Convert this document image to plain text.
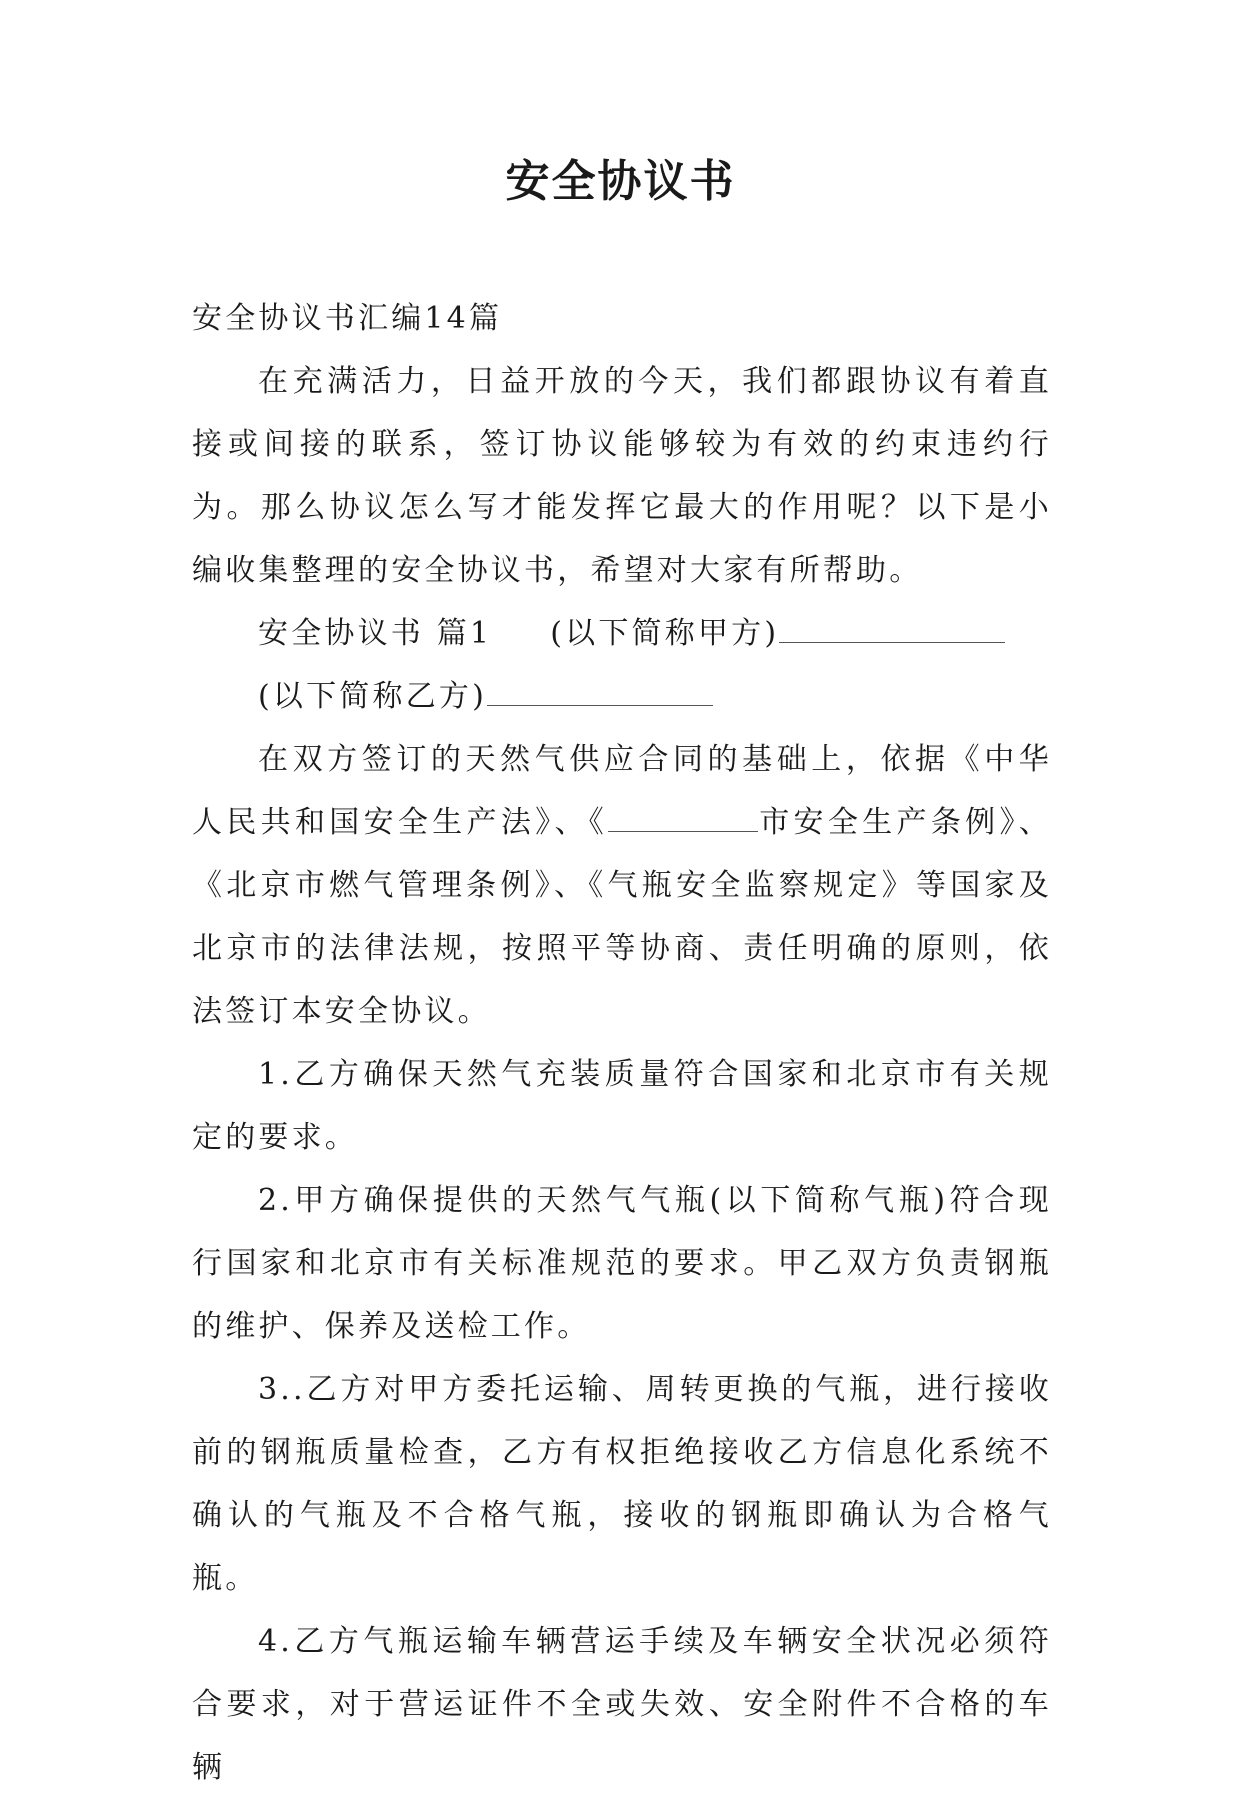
安全协议书

安全协议书汇编14篇

在充满活力，日益开放的今天，我们都跟协议有着直接或间接的联系，签订协议能够较为有效的约束违约行为。那么协议怎么写才能发挥它最大的作用呢？以下是小编收集整理的安全协议书，希望对大家有所帮助。

安全协议书 篇1 (以下简称甲方)

(以下简称乙方)

在双方签订的天然气供应合同的基础上，依据《中华人民共和国安全生产法》、《	市安全生产条例》、《北京市燃气管理条例》、《气瓶安全监察规定》等国家及北京市的法律法规，按照平等协商、责任明确的原则，依法签订本安全协议。

1.乙方确保天然气充装质量符合国家和北京市有关规定的要求。

2.甲方确保提供的天然气气瓶(以下简称气瓶)符合现行国家和北京市有关标准规范的要求。甲乙双方负责钢瓶的维护、保养及送检工作。

3..乙方对甲方委托运输、周转更换的气瓶，进行接收前的钢瓶质量检查，乙方有权拒绝接收乙方信息化系统不确认的气瓶及不合格气瓶，接收的钢瓶即确认为合格气瓶。

4.乙方气瓶运输车辆营运手续及车辆安全状况必须符合要求，对于营运证件不全或失效、安全附件不合格的车辆
